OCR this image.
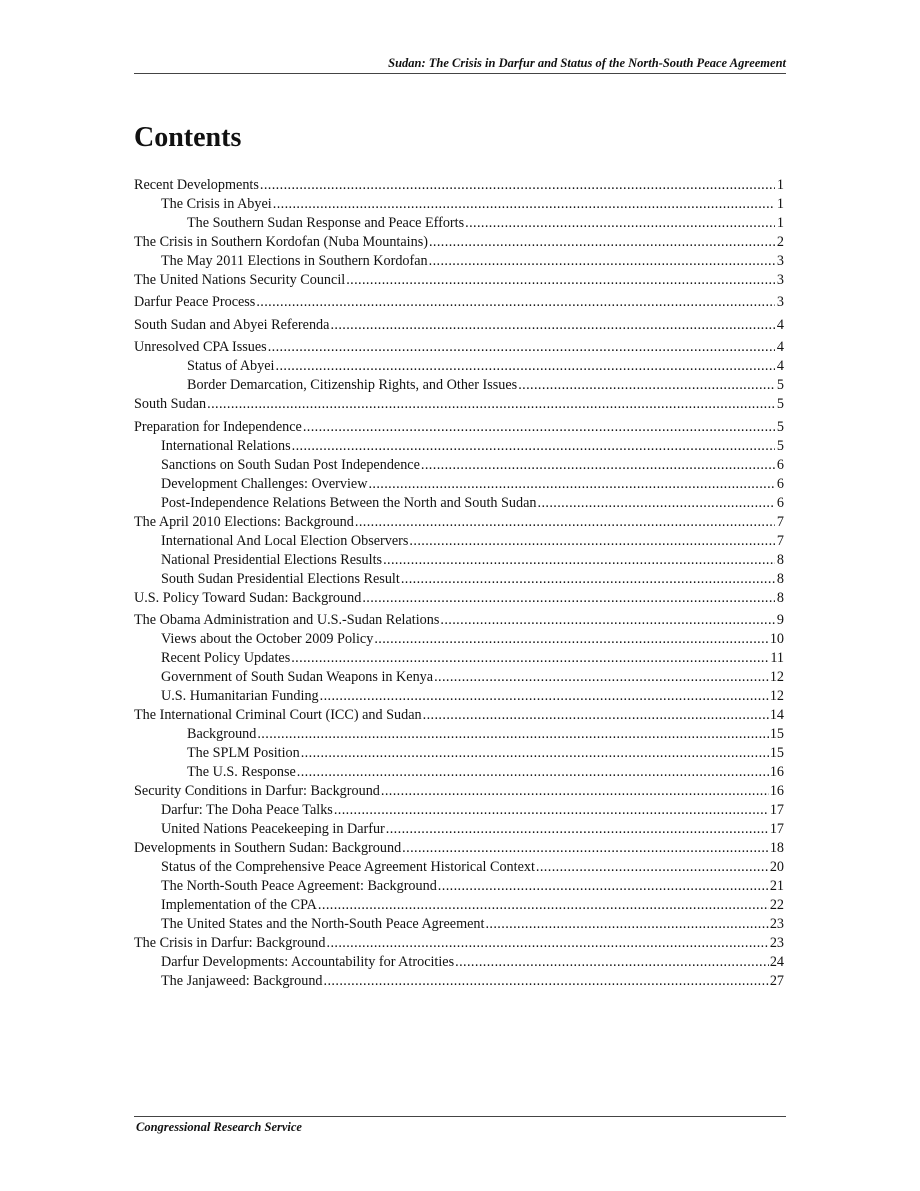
Sudan: The Crisis in Darfur and Status of the North-South Peace Agreement
Contents
Recent Developments .....	1
The Crisis in Abyei .....	1
The Southern Sudan Response and Peace Efforts .....	1
The Crisis in Southern Kordofan (Nuba Mountains) .....	2
The May 2011 Elections in Southern Kordofan .....	3
The United Nations Security Council .....	3
Darfur Peace Process .....	3
South Sudan and Abyei Referenda .....	4
Unresolved CPA Issues .....	4
Status of Abyei .....	4
Border Demarcation, Citizenship Rights, and Other Issues .....	5
South Sudan .....	5
Preparation for Independence .....	5
International Relations .....	5
Sanctions on South Sudan Post Independence .....	6
Development Challenges: Overview .....	6
Post-Independence Relations Between the North and South Sudan .....	6
The April 2010 Elections: Background .....	7
International And Local Election Observers .....	7
National Presidential Elections Results .....	8
South Sudan Presidential Elections Result .....	8
U.S. Policy Toward Sudan: Background .....	8
The Obama Administration and U.S.-Sudan Relations .....	9
Views about the October 2009 Policy .....	10
Recent Policy Updates .....	11
Government of South Sudan Weapons in Kenya .....	12
U.S. Humanitarian Funding .....	12
The International Criminal Court (ICC) and Sudan .....	14
Background .....	15
The SPLM Position .....	15
The U.S. Response .....	16
Security Conditions in Darfur: Background .....	16
Darfur: The Doha Peace Talks .....	17
United Nations Peacekeeping in Darfur .....	17
Developments in Southern Sudan: Background .....	18
Status of the Comprehensive Peace Agreement Historical Context .....	20
The North-South Peace Agreement: Background .....	21
Implementation of the CPA .....	22
The United States and the North-South Peace Agreement .....	23
The Crisis in Darfur: Background .....	23
Darfur Developments: Accountability for Atrocities .....	24
The Janjaweed: Background .....	27
Congressional Research Service
